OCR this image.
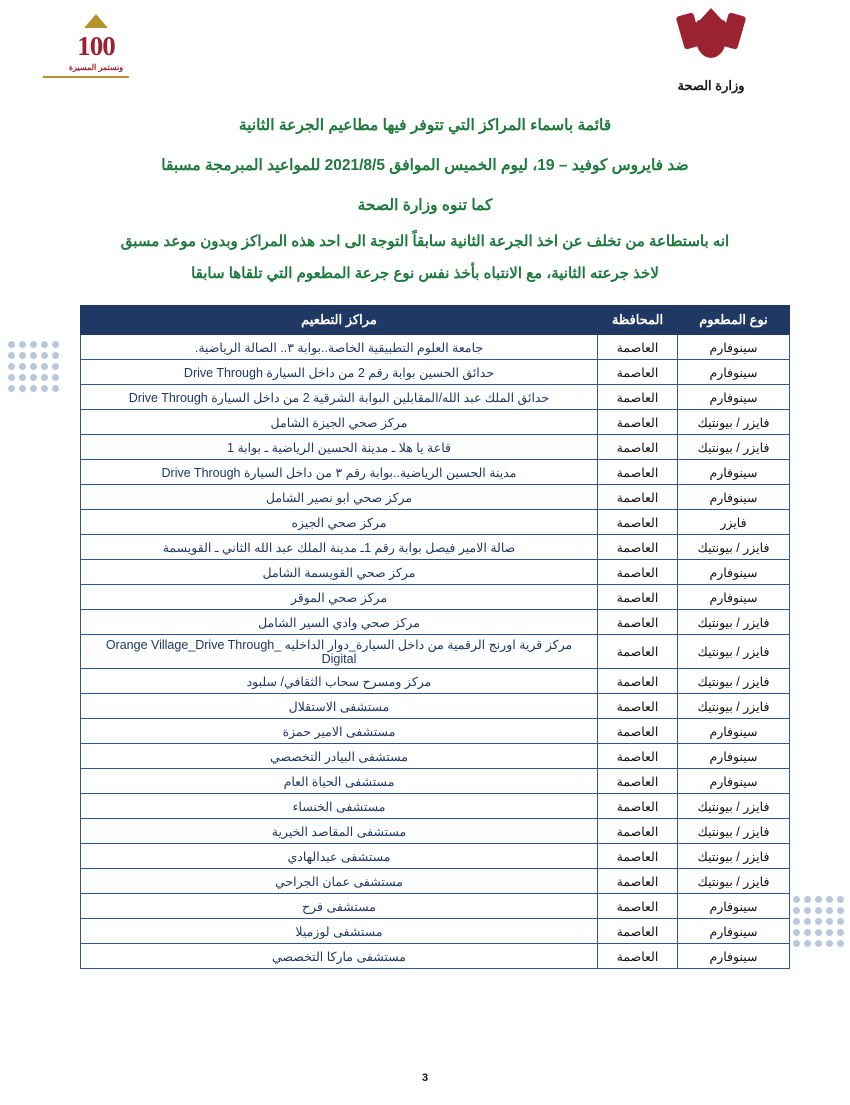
100
ونستمر المسيرة
وزارة الصحة
قائمة باسماء المراكز التي تتوفر فيها مطاعيم الجرعة الثانية
ضد فايروس كوفيد – 19، ليوم الخميس الموافق 2021/8/5 للمواعيد المبرمجة مسبقا
كما تنوه وزارة الصحة
انه باستطاعة من تخلف عن اخذ الجرعة الثانية سابقاً التوجة الى احد هذه المراكز وبدون موعد مسبق لاخذ جرعته الثانية، مع الانتباه بأخذ نفس نوع جرعة المطعوم التي تلقاها سابقا
نوع المطعوم	المحافظة	مراكز التطعيم
سينوفارم	العاصمة	جامعة العلوم التطبيقية الخاصة..بوابة ٣.. الصالة الرياضية.
سينوفارم	العاصمة	حدائق الحسين بوابة رقم 2 من داخل السيارة Drive Through
سينوفارم	العاصمة	حدائق الملك عبد الله/المقابلين البوابة الشرقية 2 من داخل السيارة Drive Through
فايزر / بيونتيك	العاصمة	مركز صحي الجيزة الشامل
فايزر / بيونتيك	العاصمة	قاعة يا هلا ـ مدينة الحسين الرياضية ـ بوابة 1
سينوفارم	العاصمة	مدينة الحسين الرياضية..بوابة رقم ٣ من داخل السيارة Drive Through
سينوفارم	العاصمة	مركز صحي ابو نصير الشامل
فايزر	العاصمة	مركز صحي الجيزه
فايزر / بيونتيك	العاصمة	صالة الامير فيصل بوابة رقم 1ـ مدينة الملك عبد الله الثاني ـ القويسمة
سينوفارم	العاصمة	مركز صحي القويسمة الشامل
سينوفارم	العاصمة	مركز صحي الموقر
فايزر / بيونتيك	العاصمة	مركز صحي وادي السير الشامل
فايزر / بيونتيك	العاصمة	مركز قرية اورنج الرقمية من داخل السيارة_دوار الداخليه _Orange Village_Drive Through Digital
فايزر / بيونتيك	العاصمة	مركز ومسرح سحاب الثقافي/ سلبود
فايزر / بيونتيك	العاصمة	مستشفى الاستقلال
سينوفارم	العاصمة	مستشفى الامير حمزة
سينوفارم	العاصمة	مستشفى البيادر التخصصي
سينوفارم	العاصمة	مستشفى الحياة العام
فايزر / بيونتيك	العاصمة	مستشفى الخنساء
فايزر / بيونتيك	العاصمة	مستشفى المقاصد الخيرية
فايزر / بيونتيك	العاصمة	مستشفى عبدالهادي
فايزر / بيونتيك	العاصمة	مستشفى عمان الجراحي
سينوفارم	العاصمة	مستشفى فرح
سينوفارم	العاصمة	مستشفى لوزميلا
سينوفارم	العاصمة	مستشفى ماركا التخصصي
3
